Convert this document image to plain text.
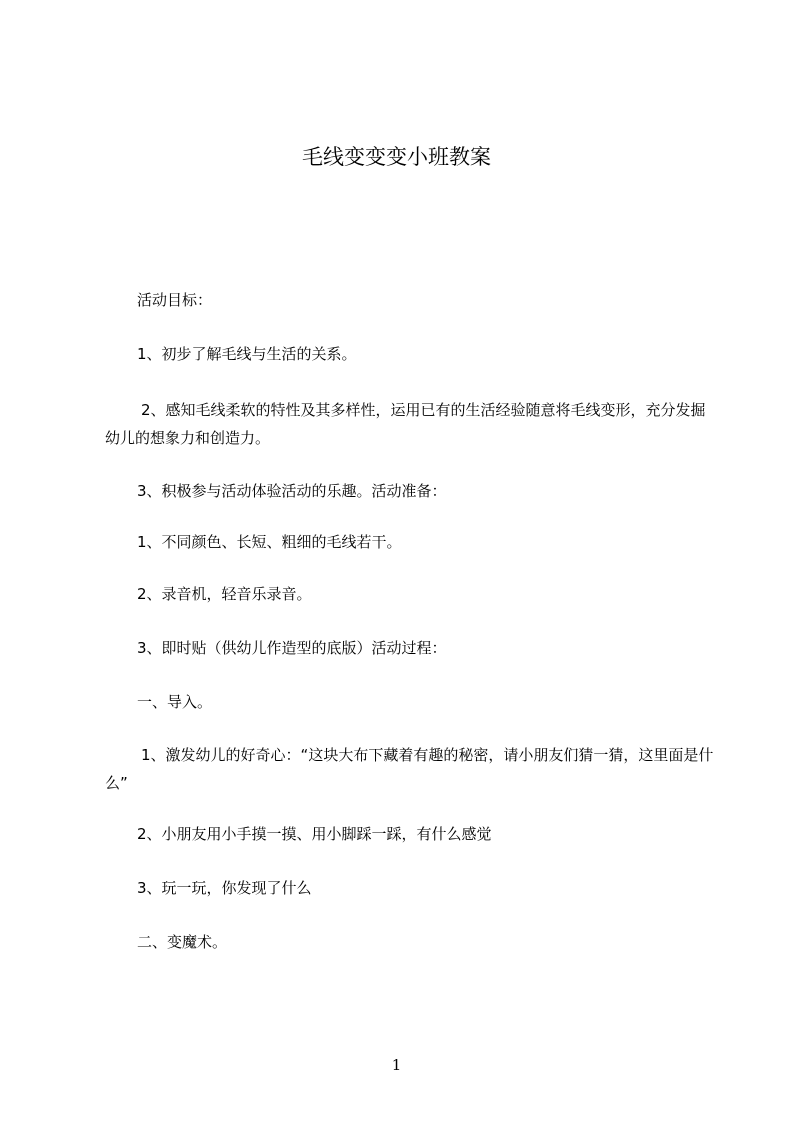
毛线变变变小班教案

活动目标：

1、初步了解毛线与生活的关系。

2、感知毛线柔软的特性及其多样性，运用已有的生活经验随意将毛线变形，充分发掘幼儿的想象力和创造力。

3、积极参与活动体验活动的乐趣。活动准备：

1、不同颜色、长短、粗细的毛线若干。

2、录音机，轻音乐录音。

3、即时贴（供幼儿作造型的底版）活动过程：

一、导入。

1、激发幼儿的好奇心：“这块大布下藏着有趣的秘密，请小朋友们猜一猜，这里面是什么”

2、小朋友用小手摸一摸、用小脚踩一踩，有什么感觉

3、玩一玩，你发现了什么

二、变魔术。

1
